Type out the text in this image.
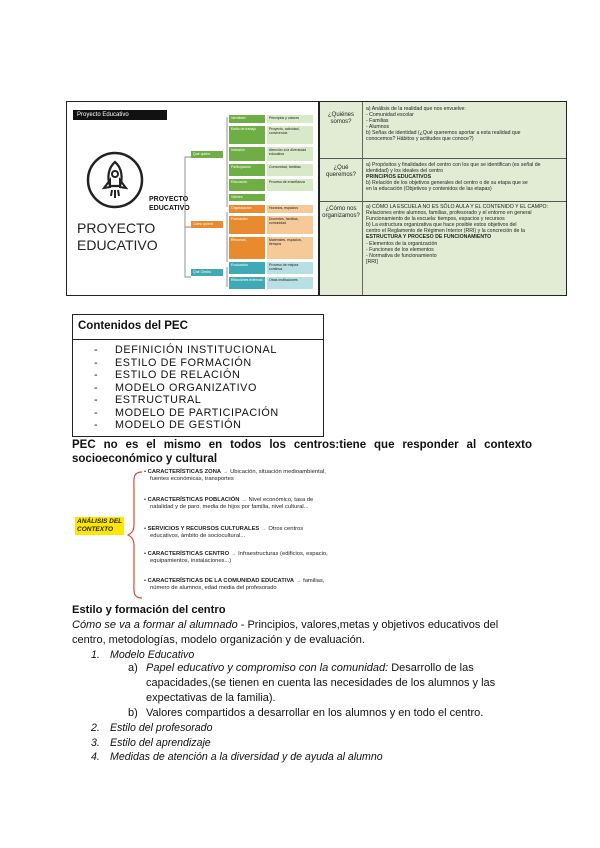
Proyecto Educativo
PROYECTO
EDUCATIVO
PROYECTO
EDUCATIVO
Qué quiere
Cómo quiere
Qué Centro
Identidad	Principios y valores
Estilo de trabajo	Proyecto, actividad, convivencia
Inclusión	Atención a la diversidad educativa
Participación	Comunidad, familias
Educación	Proceso de enseñanza
Valores
Organización	Horarios, espacios
Formación	Docentes, familias, comunidad
Recursos	Materiales, espacios, tiempos
Evaluación	Proceso de mejora continua
Relaciones externas	Otras instituciones
¿Quiénes somos?
a) Análisis de la realidad que nos envuelve:
- Comunidad escolar
- Familias
- Alumnos
b) Señas de identidad (¿Qué queremos aportar a esta realidad que
conocemos? Hábitos y actitudes que conoce?)
¿Qué queremos?
a) Propósitos y finalidades del centro con los que se identifican (es señal de
identidad) y los ideales del centro
PRINCIPIOS EDUCATIVOS
b) Relación de los objetivos generales del centro o de su etapa que se
en la educación (Objetivos y contenidos de las etapas)
¿Cómo nos organizamos?
a) CÓMO LA ESCUELA NO ES SÓLO AULA Y EL CONTENIDO Y EL CAMPO:
Relaciones entre alumnos, familias, profesorado y el entorno en general
Funcionamiento de la escuela: tiempos, espacios y recursos
b) La estructura organizativa que hace posible estos objetivos del
centro el Reglamento de Régimen Interior (RRI) y la concreción de la
ESTRUCTURA Y PROCESO DE FUNCIONAMIENTO
- Elementos de la organización
- Funciones de los elementos
- Normativa de funcionamiento
[RRI]
Contenidos del PEC
- DEFINICIÓN INSTITUCIONAL
- ESTILO DE FORMACIÓN
- ESTILO DE RELACIÓN
- MODELO ORGANIZATIVO
- ESTRUCTURAL
- MODELO DE PARTICIPACIÓN
- MODELO DE GESTIÓN
PEC no es el mismo en todos los centros:tiene que responder al contexto
socioeconómico y cultural
ANÁLISIS DEL
CONTEXTO
• CARACTERÍSTICAS ZONA → Ubicación, situación medioambiental,
fuentes económicas, transportes
• CARACTERÍSTICAS POBLACIÓN → Nivel económico, tasa de
natalidad y de paro, media de hijos por familia, nivel cultural...
• SERVICIOS Y RECURSOS CULTURALES → Otros centros
educativos, ámbito de sociocultural...
• CARACTERÍSTICAS CENTRO → Infraestructuras (edificios, espacio,
equipamientos, instalaciones...)
• CARACTERÍSTICAS DE LA COMUNIDAD EDUCATIVA → familias,
número de alumnos, edad media del profesorado
Estilo y formación del centro
Cómo se va a formar al alumnado - Principios, valores,metas y objetivos educativos del
centro, metodologías, modelo organización y de evaluación.
1. Modelo Educativo
a) Papel educativo y compromiso con la comunidad: Desarrollo de las
capacidades,(se tienen en cuenta las necesidades de los alumnos y las
expectativas de la familia).
b) Valores compartidos a desarrollar en los alumnos y en todo el centro.
2. Estilo del profesorado
3. Estilo del aprendizaje
4. Medidas de atención a la diversidad y de ayuda al alumno
